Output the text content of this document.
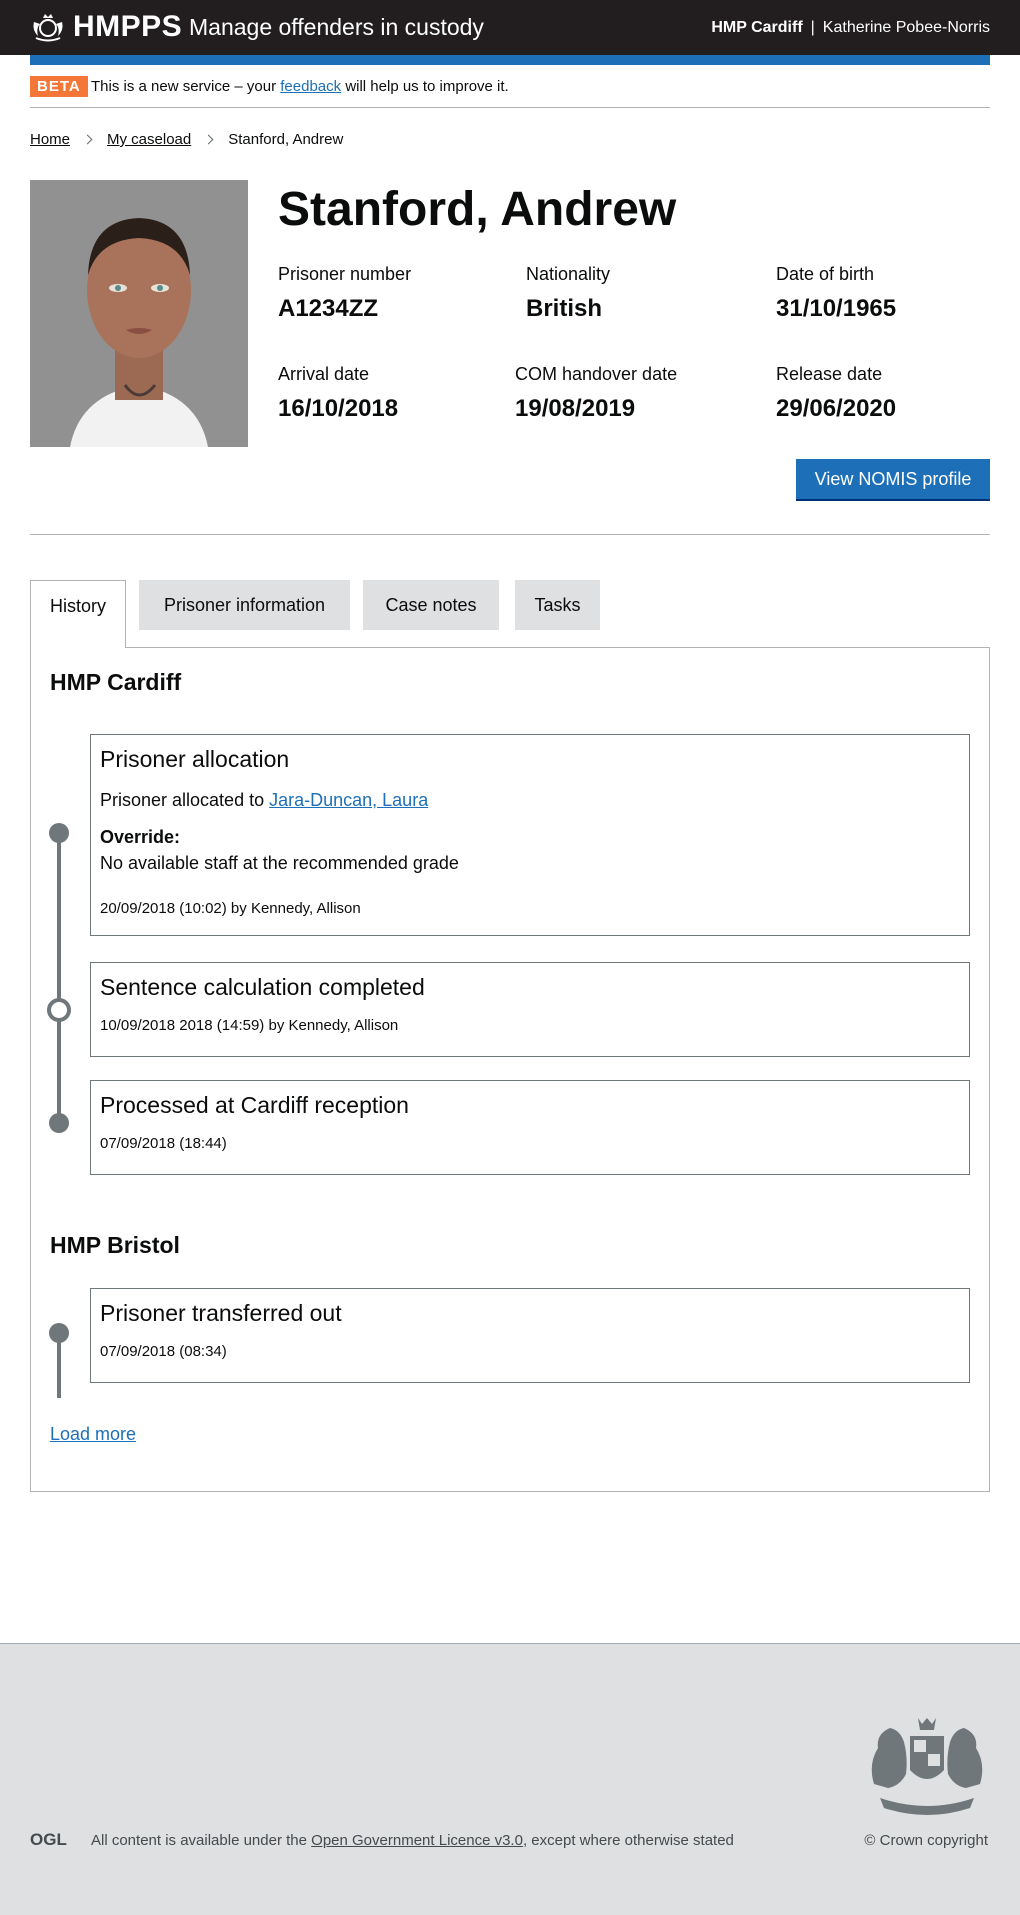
HMPPS Manage offenders in custody	HMP Cardiff | Katherine Pobee-Norris
BETA This is a new service – your feedback will help us to improve it.
Home My caseload Stanford, Andrew
Stanford, Andrew
Prisoner number
A1234ZZ
Nationality
British
Date of birth
31/10/1965
Arrival date
16/10/2018
COM handover date
19/08/2019
Release date
29/06/2020
View NOMIS profile
History	Prisoner information	Case notes	Tasks
HMP Cardiff
Prisoner allocation
Prisoner allocated to Jara-Duncan, Laura
Override:
No available staff at the recommended grade
20/09/2018 (10:02) by Kennedy, Allison
Sentence calculation completed
10/09/2018 2018 (14:59) by Kennedy, Allison
Processed at Cardiff reception
07/09/2018 (18:44)
HMP Bristol
Prisoner transferred out
07/09/2018 (08:34)
Load more
OGL All content is available under the Open Government Licence v3.0, except where otherwise stated	© Crown copyright
